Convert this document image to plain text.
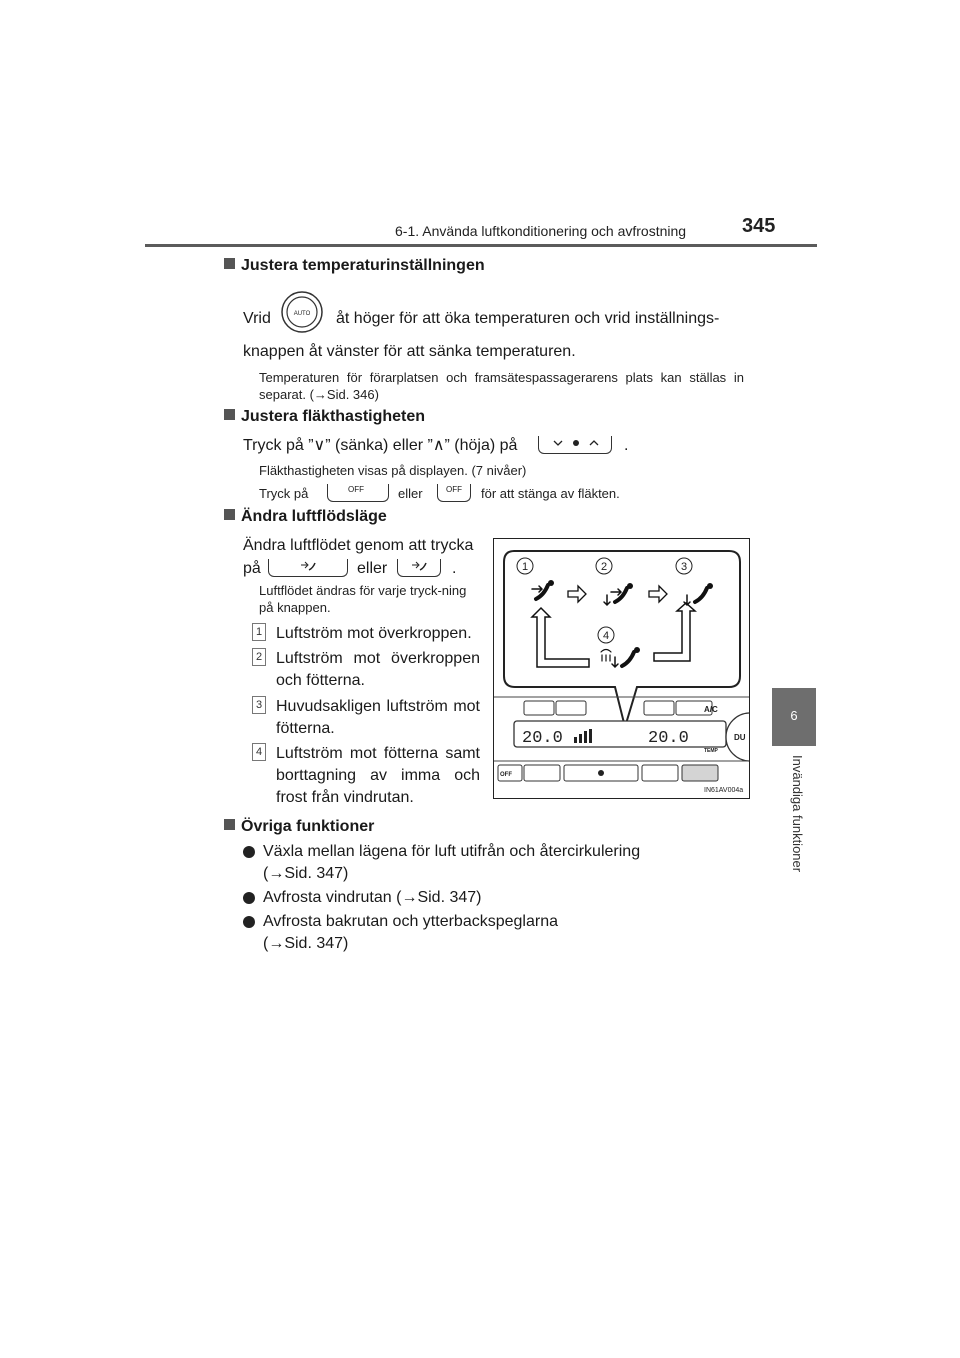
6-1. Använda luftkonditionering och avfrostning	345
6
Invändiga funktioner
Justera temperaturinställningen
Vrid	AUTO åt höger för att öka temperaturen och vrid inställnings-
knappen åt vänster för att sänka temperaturen.
Temperaturen för förarplatsen och framsätespassagerarens plats kan ställas in separat. (→Sid. 346)
Justera fläkthastigheten
Tryck på ”∨” (sänka) eller ”∧” (höja) på	.
Fläkthastigheten visas på displayen. (7 nivåer)
Tryck på	OFF	eller	OFF för att stänga av fläkten.
Ändra luftflödsläge
Ändra luftflödet genom att trycka
på	eller	.
Luftflödet ändras för varje tryck-ning på knappen.
1 Luftström mot överkroppen.
2 Luftström mot överkroppen och fötterna.
3 Huvudsakligen luftström mot fötterna.
4 Luftström mot fötterna samt borttagning av imma och frost från vindrutan.
1	2	3
4
A/C
20.0	20.0
TEMP
DU
OFF
IN61AV004a
Övriga funktioner
Växla mellan lägena för luft utifrån och återcirkulering (→Sid. 347)
Avfrosta vindrutan (→Sid. 347)
Avfrosta bakrutan och ytterbackspeglarna (→Sid. 347)
